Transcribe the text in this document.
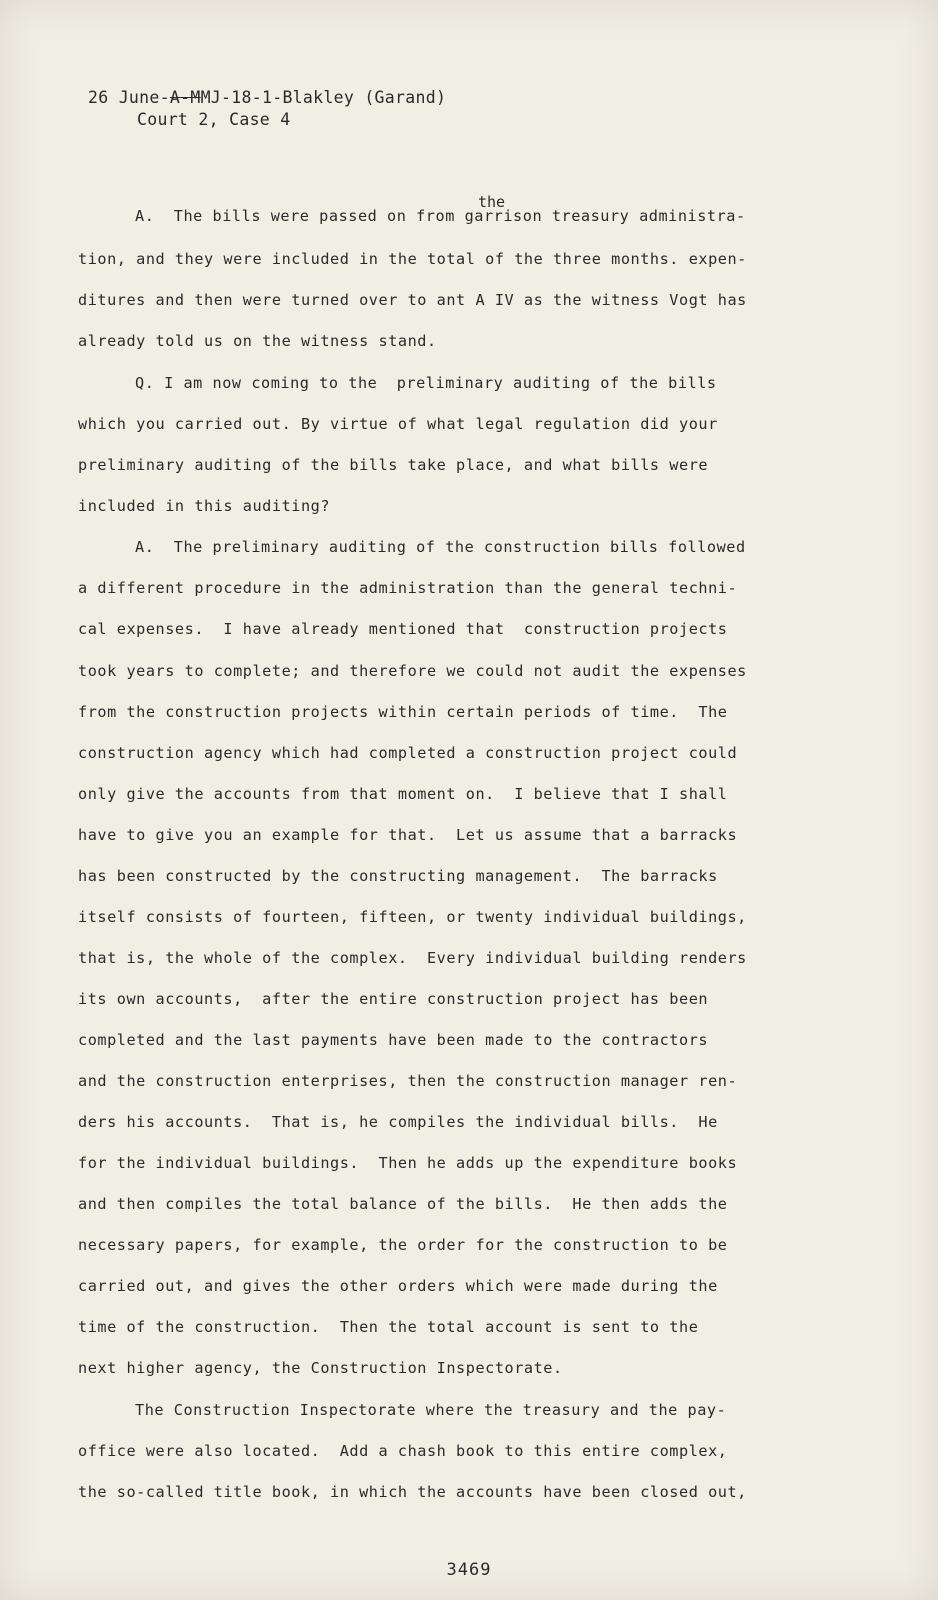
26 June-A-MMJ-18-1-Blakley (Garand)
Court 2, Case 4
the
A.  The bills were passed on from garrison treasury administra-
tion, and they were included in the total of the three months. expen-
ditures and then were turned over to ant A IV as the witness Vogt has
already told us on the witness stand.
Q. I am now coming to the  preliminary auditing of the bills
which you carried out. By virtue of what legal regulation did your
preliminary auditing of the bills take place, and what bills were
included in this auditing?
A.  The preliminary auditing of the construction bills followed
a different procedure in the administration than the general techni-
cal expenses.  I have already mentioned that  construction projects
took years to complete; and therefore we could not audit the expenses
from the construction projects within certain periods of time.  The
construction agency which had completed a construction project could
only give the accounts from that moment on.  I believe that I shall
have to give you an example for that.  Let us assume that a barracks
has been constructed by the constructing management.  The barracks
itself consists of fourteen, fifteen, or twenty individual buildings,
that is, the whole of the complex.  Every individual building renders
its own accounts,  after the entire construction project has been
completed and the last payments have been made to the contractors
and the construction enterprises, then the construction manager ren-
ders his accounts.  That is, he compiles the individual bills.  He
for the individual buildings.  Then he adds up the expenditure books
and then compiles the total balance of the bills.  He then adds the
necessary papers, for example, the order for the construction to be
carried out, and gives the other orders which were made during the
time of the construction.  Then the total account is sent to the
next higher agency, the Construction Inspectorate.
The Construction Inspectorate where the treasury and the pay-
office were also located.  Add a chash book to this entire complex,
the so-called title book, in which the accounts have been closed out,
3469
